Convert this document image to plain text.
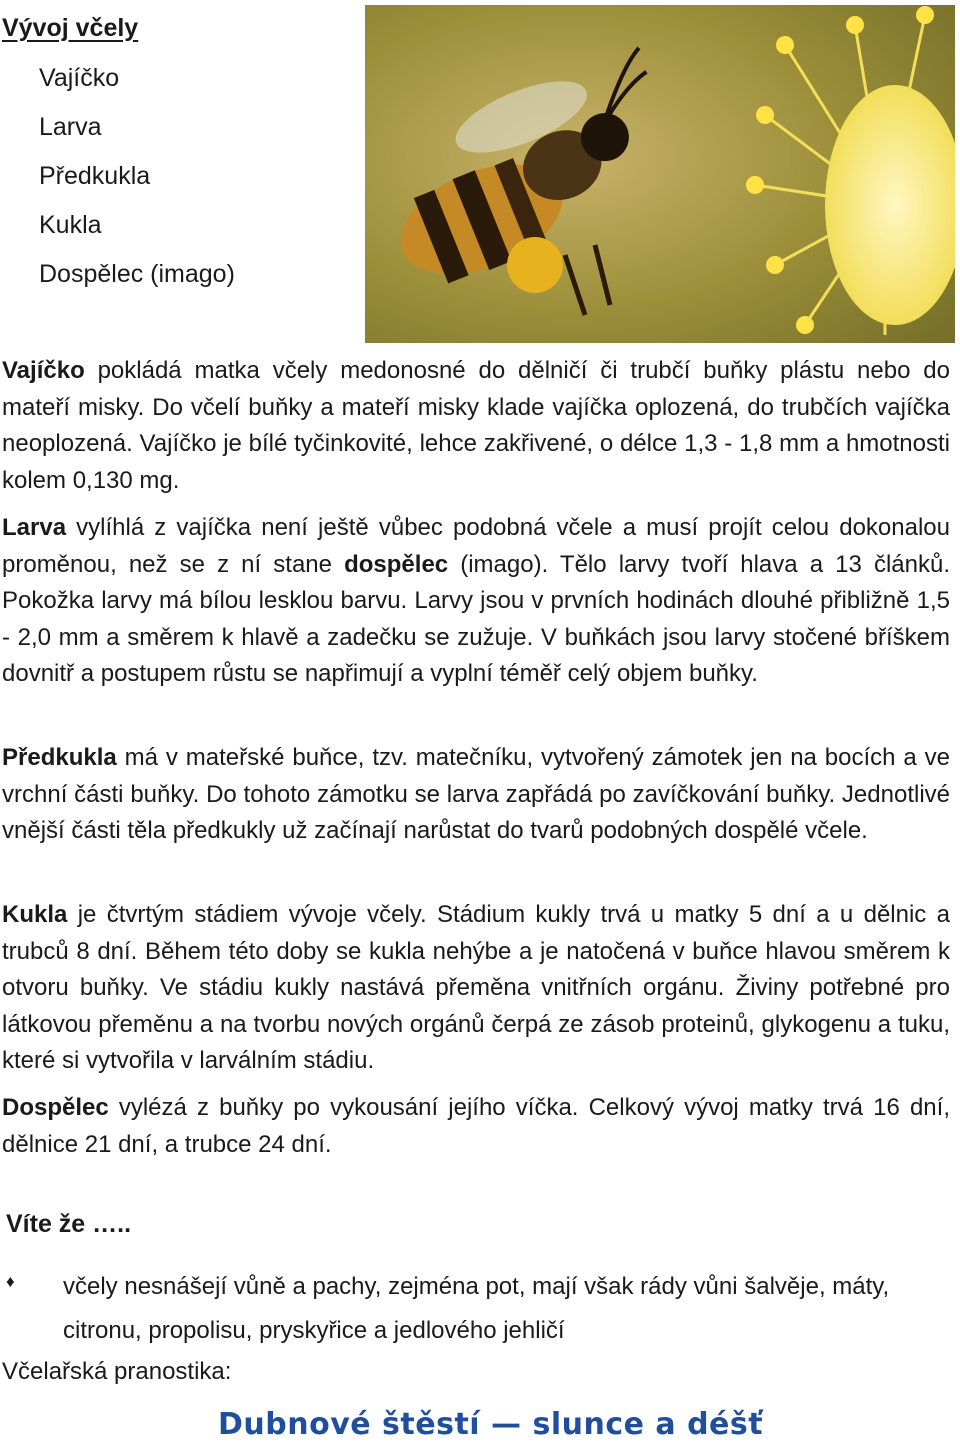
Vývoj včely
Vajíčko
Larva
Předkukla
Kukla
Dospělec (imago)

Vajíčko pokládá matka včely medonosné do dělničí či trubčí buňky plástu nebo do mateří misky. Do včelí buňky a mateří misky klade vajíčka oplozená, do trubčích vajíčka neoplozená. Vajíčko je bílé tyčinkovité, lehce zakřivené, o délce 1,3 - 1,8 mm a hmotnosti kolem 0,130 mg.

Larva vylíhlá z vajíčka není ještě vůbec podobná včele a musí projít celou dokonalou proměnou, než se z ní stane dospělec (imago). Tělo larvy tvoří hlava a 13 článků. Pokožka larvy má bílou lesklou barvu. Larvy jsou v prvních hodinách dlouhé přibližně 1,5 - 2,0 mm a směrem k hlavě a zadečku se zužuje. V buňkách jsou larvy stočené bříškem dovnitř a postupem růstu se napřimují a vyplní téměř celý objem buňky.

Předkukla má v mateřské buňce, tzv. matečníku, vytvořený zámotek jen na bocích a ve vrchní části buňky. Do tohoto zámotku se larva zapřádá po zavíčkování buňky. Jednotlivé vnější části těla předkukly už začínají narůstat do tvarů podobných dospělé včele.

Kukla je čtvrtým stádiem vývoje včely. Stádium kukly trvá u matky 5 dní a u dělnic a trubců 8 dní. Během této doby se kukla nehýbe a je natočená v buňce hlavou směrem k otvoru buňky. Ve stádiu kukly nastává přeměna vnitřních orgánu. Živiny potřebné pro látkovou přeměnu a na tvorbu nových orgánů čerpá ze zásob proteinů, glykogenu a tuku, které si vytvořila v larválním stádiu.

Dospělec vylézá z buňky po vykousání jejího víčka. Celkový vývoj matky trvá 16 dní, dělnice 21 dní, a trubce 24 dní.

Víte že …..
♦ včely nesnášejí vůně a pachy, zejména pot, mají však rády vůni šalvěje, máty, citronu, propolisu, pryskyřice a jedlového jehličí

Včelařská pranostika:
Dubnové štěstí — slunce a déšť
